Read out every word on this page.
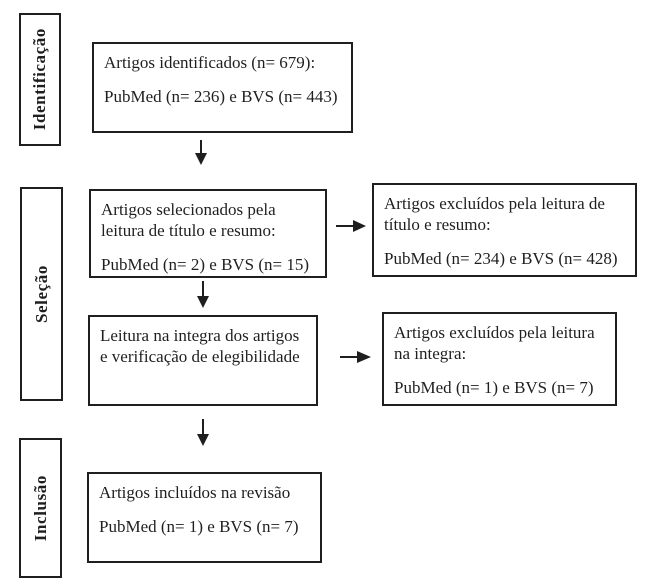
Identificação
Seleção
Inclusão

Artigos identificados (n= 679):

PubMed (n= 236) e BVS (n= 443)

Artigos selecionados pela leitura de título e resumo:

PubMed (n= 2) e BVS (n= 15)

Artigos excluídos pela leitura de título e resumo:

PubMed (n= 234) e BVS (n= 428)

Leitura na integra dos artigos e verificação de elegibilidade

Artigos excluídos pela leitura na integra:

PubMed (n= 1) e BVS (n= 7)

Artigos incluídos na revisão

PubMed (n= 1) e BVS (n= 7)
